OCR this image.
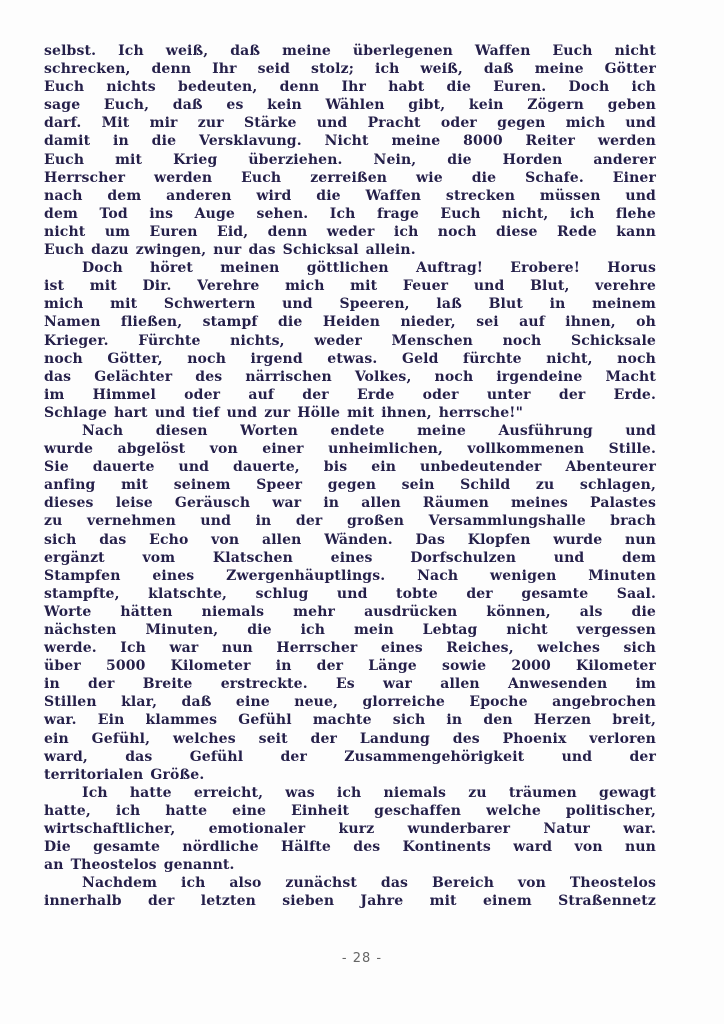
selbst. Ich weiß, daß meine überlegenen Waffen Euch nicht
schrecken, denn Ihr seid stolz; ich weiß, daß meine Götter
Euch nichts bedeuten, denn Ihr habt die Euren. Doch ich
sage Euch, daß es kein Wählen gibt, kein Zögern geben
darf. Mit mir zur Stärke und Pracht oder gegen mich und
damit in die Versklavung. Nicht meine 8000 Reiter werden
Euch mit Krieg überziehen. Nein, die Horden anderer
Herrscher werden Euch zerreißen wie die Schafe. Einer
nach dem anderen wird die Waffen strecken müssen und
dem Tod ins Auge sehen. Ich frage Euch nicht, ich flehe
nicht um Euren Eid, denn weder ich noch diese Rede kann
Euch dazu zwingen, nur das Schicksal allein.
Doch höret meinen göttlichen Auftrag! Erobere! Horus
ist mit Dir. Verehre mich mit Feuer und Blut, verehre
mich mit Schwertern und Speeren, laß Blut in meinem
Namen fließen, stampf die Heiden nieder, sei auf ihnen, oh
Krieger. Fürchte nichts, weder Menschen noch Schicksale
noch Götter, noch irgend etwas. Geld fürchte nicht, noch
das Gelächter des närrischen Volkes, noch irgendeine Macht
im Himmel oder auf der Erde oder unter der Erde.
Schlage hart und tief und zur Hölle mit ihnen, herrsche!"
Nach diesen Worten endete meine Ausführung und
wurde abgelöst von einer unheimlichen, vollkommenen Stille.
Sie dauerte und dauerte, bis ein unbedeutender Abenteurer
anfing mit seinem Speer gegen sein Schild zu schlagen,
dieses leise Geräusch war in allen Räumen meines Palastes
zu vernehmen und in der großen Versammlungshalle brach
sich das Echo von allen Wänden. Das Klopfen wurde nun
ergänzt vom Klatschen eines Dorfschulzen und dem
Stampfen eines Zwergenhäuptlings. Nach wenigen Minuten
stampfte, klatschte, schlug und tobte der gesamte Saal.
Worte hätten niemals mehr ausdrücken können, als die
nächsten Minuten, die ich mein Lebtag nicht vergessen
werde. Ich war nun Herrscher eines Reiches, welches sich
über 5000 Kilometer in der Länge sowie 2000 Kilometer
in der Breite erstreckte. Es war allen Anwesenden im
Stillen klar, daß eine neue, glorreiche Epoche angebrochen
war. Ein klammes Gefühl machte sich in den Herzen breit,
ein Gefühl, welches seit der Landung des Phoenix verloren
ward, das Gefühl der Zusammengehörigkeit und der
territorialen Größe.
Ich hatte erreicht, was ich niemals zu träumen gewagt
hatte, ich hatte eine Einheit geschaffen welche politischer,
wirtschaftlicher, emotionaler kurz wunderbarer Natur war.
Die gesamte nördliche Hälfte des Kontinents ward von nun
an Theostelos genannt.
Nachdem ich also zunächst das Bereich von Theostelos
innerhalb der letzten sieben Jahre mit einem Straßennetz
- 28 -
